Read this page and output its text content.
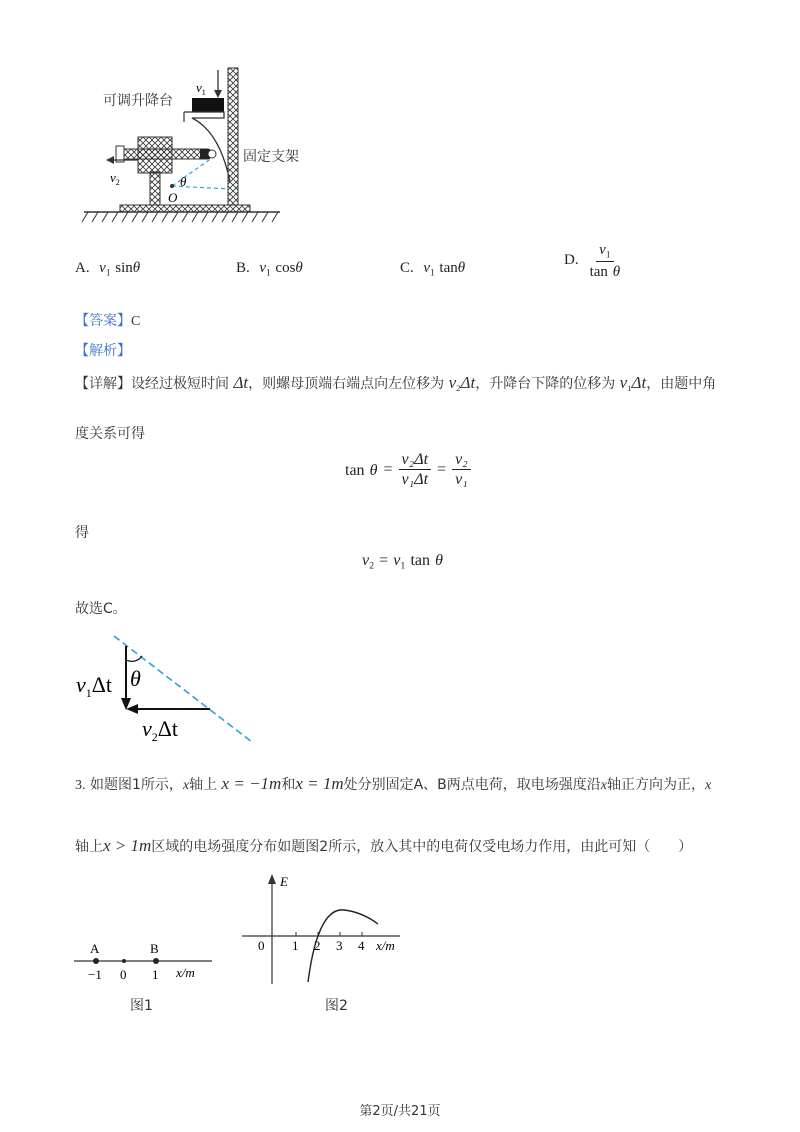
θ
O
$v_1$
$v_2$
可调升降台
固定支架
A. $v_1$ sinθ	B. $v_1$ cosθ	C. $v_1$ tanθ	D. $\frac{v_1}{\text{tan θ}}$
【答案】C
【解析】
【详解】设经过极短时间 Δt，则螺母顶端右端点向左位移为 $v_2\Delta t$，升降台下降的位移为 $v_1\Delta t$，由题中角
度关系可得
$\tan \theta = \frac{\text{v₂Δt}}{\text{v₁Δt}} = \frac{\text{v₂}}{\text{v₁}}$
得
$v_2 = v_1$ tan θ
故选C。
θ
$v_1\Delta t$
$v_2\Delta t$
3. 如题图1所示，x轴上 x = −1m和x = 1m处分别固定A、B两点电荷，取电场强度沿x轴正方向为正，x
轴上x > 1m区域的电场强度分布如题图2所示，放入其中的电荷仅受电场力作用，由此可知（　　）
A	B
−1 0 1 x/m
图1
E
0 1 2 3 4 x/m
图2
第2页/共21页
